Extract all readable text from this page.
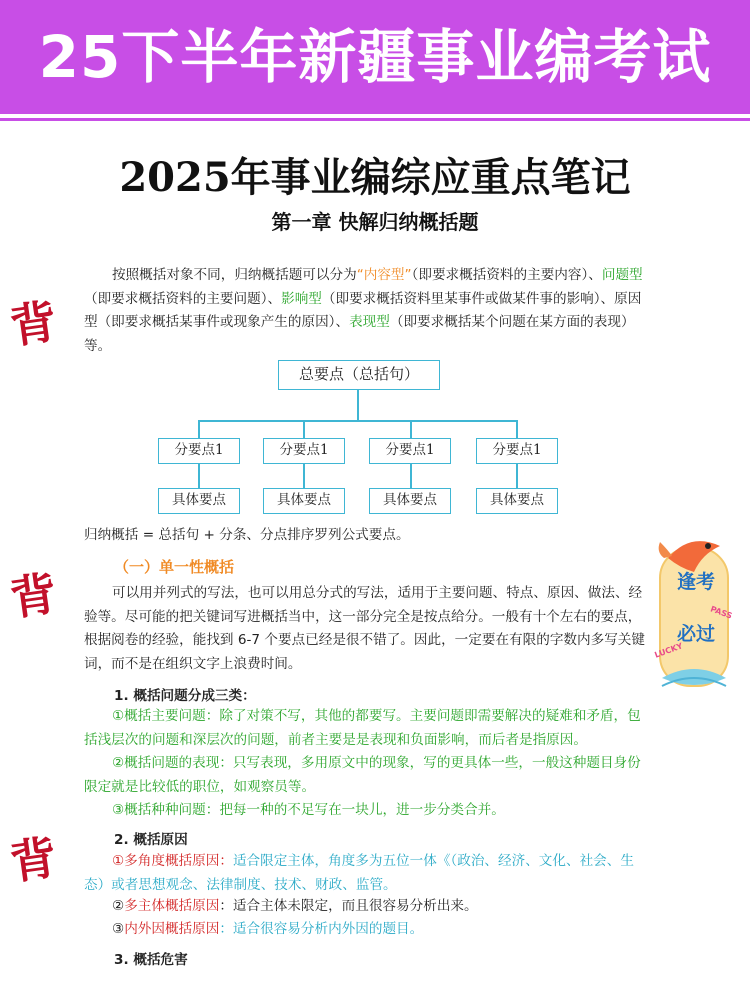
25下半年新疆事业编考试
2025年事业编综应重点笔记
第一章 快解归纳概括题
背
背
背
按照概括对象不同，归纳概括题可以分为“内容型”（即要求概括资料的主要内容）、问题型（即要求概括资料的主要问题）、影响型（即要求概括资料里某事件或做某件事的影响）、原因型（即要求概括某事件或现象产生的原因）、表现型（即要求概括某个问题在某方面的表现）等。
总要点（总括句）
分要点1	分要点1	分要点1	分要点1
具体要点	具体要点	具体要点	具体要点
归纳概括 = 总括句 + 分条、分点排序罗列公式要点。
（一）单一性概括
可以用并列式的写法，也可以用总分式的写法，适用于主要问题、特点、原因、做法、经验等。尽可能的把关键词写进概括当中，这一部分完全是按点给分。一般有十个左右的要点，根据阅卷的经验，能找到 6-7 个要点已经是很不错了。因此，一定要在有限的字数内多写关键词，而不是在组织文字上浪费时间。
1. 概括问题分成三类：
①概括主要问题：除了对策不写，其他的都要写。主要问题即需要解决的疑难和矛盾，包括浅层次的问题和深层次的问题，前者主要是是表现和负面影响，而后者是指原因。
②概括问题的表现：只写表现，多用原文中的现象，写的更具体一些，一般这种题目身份限定就是比较低的职位，如观察员等。
③概括种种问题：把每一种的不足写在一块儿，进一步分类合并。
2. 概括原因
①多角度概括原因：适合限定主体，角度多为五位一体《（政治、经济、文化、社会、生态）或者思想观念、法律制度、技术、财政、监管。
②多主体概括原因：适合主体未限定，而且很容易分析出来。
③内外因概括原因：适合很容易分析内外因的题目。
3. 概括危害
逢考
必过
LUCKY
PASS
